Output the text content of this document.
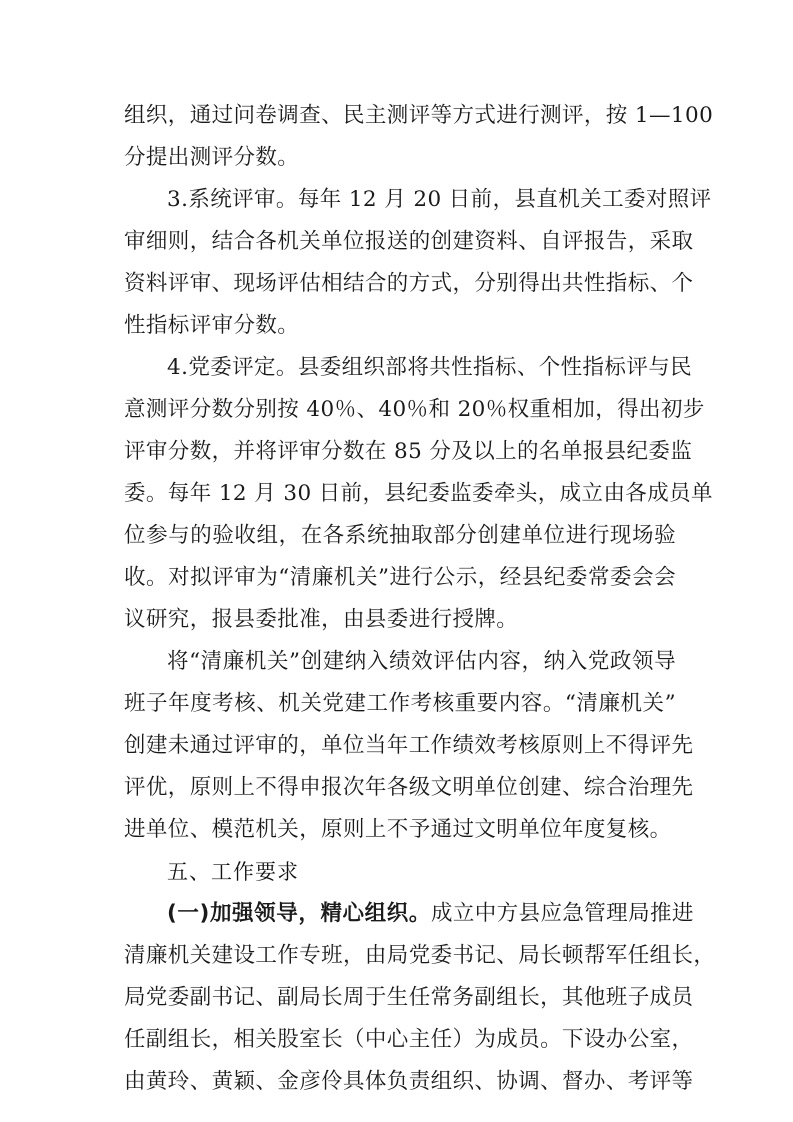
组织，通过问卷调查、民主测评等方式进行测评，按 1—100
分提出测评分数。
3.系统评审。每年 12 月 20 日前，县直机关工委对照评
审细则，结合各机关单位报送的创建资料、自评报告，采取
资料评审、现场评估相结合的方式，分别得出共性指标、个
性指标评审分数。
4.党委评定。县委组织部将共性指标、个性指标评与民
意测评分数分别按 40％、40％和 20％权重相加，得出初步
评审分数，并将评审分数在 85 分及以上的名单报县纪委监
委。每年 12 月 30 日前，县纪委监委牵头，成立由各成员单
位参与的验收组，在各系统抽取部分创建单位进行现场验
收。对拟评审为“清廉机关”进行公示，经县纪委常委会会
议研究，报县委批准，由县委进行授牌。
将“清廉机关”创建纳入绩效评估内容，纳入党政领导
班子年度考核、机关党建工作考核重要内容。“清廉机关”
创建未通过评审的，单位当年工作绩效考核原则上不得评先
评优，原则上不得申报次年各级文明单位创建、综合治理先
进单位、模范机关，原则上不予通过文明单位年度复核。
五、工作要求
(一)加强领导，精心组织。成立中方县应急管理局推进
清廉机关建设工作专班，由局党委书记、局长顿帮军任组长，
局党委副书记、副局长周于生任常务副组长，其他班子成员
任副组长，相关股室长（中心主任）为成员。下设办公室，
由黄玲、黄颖、金彦伶具体负责组织、协调、督办、考评等
